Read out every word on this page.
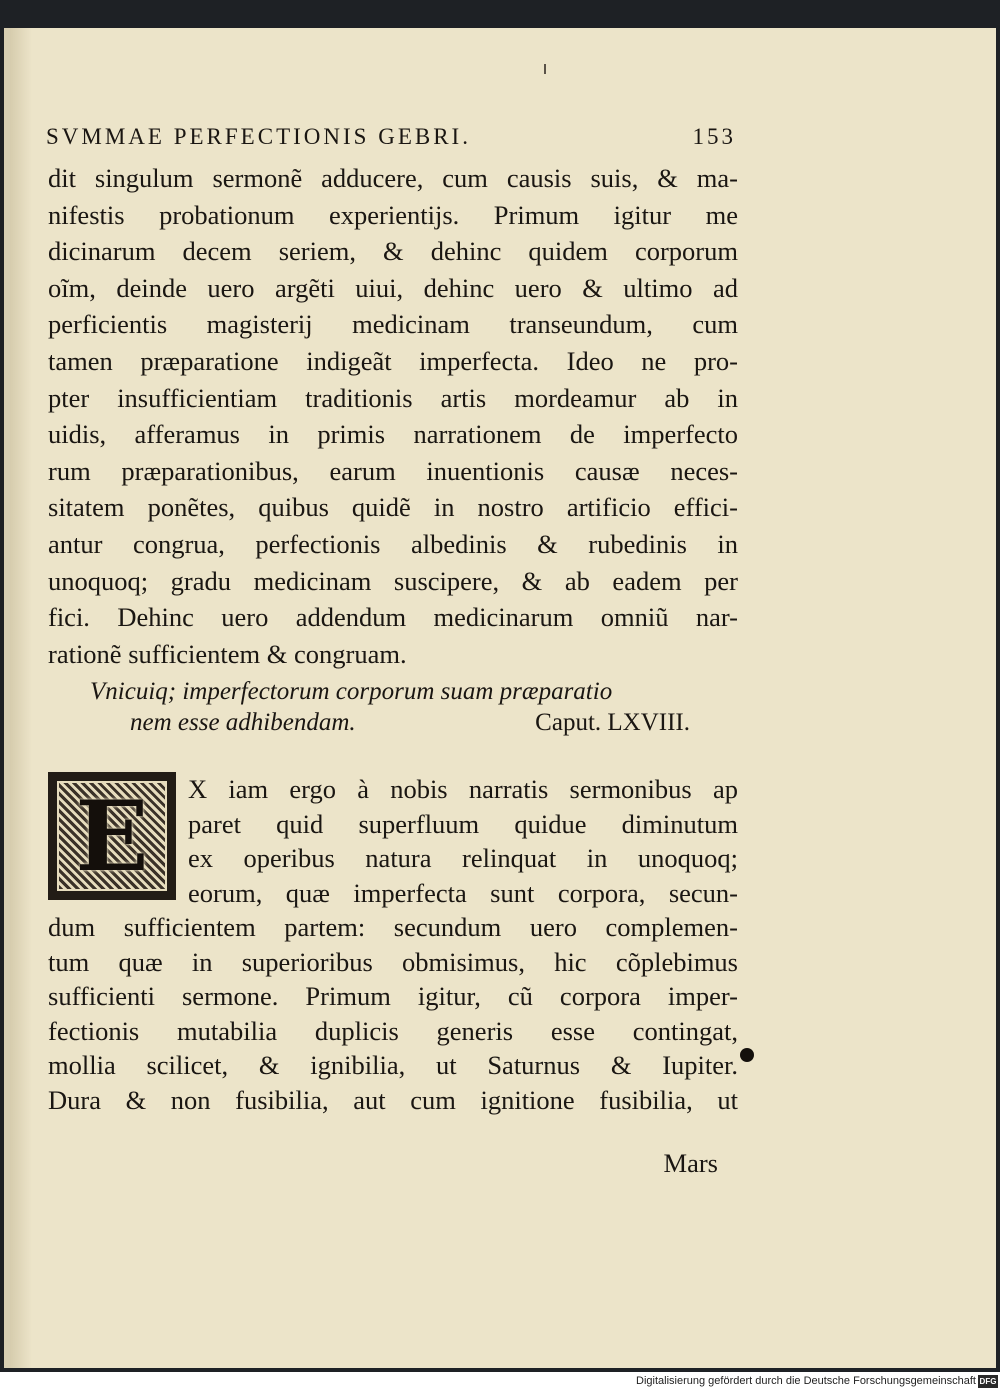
SVMMAE PERFECTIONIS GEBRI.	153
dit singulum sermonẽ adducere, cum causis suis, & ma-
nifestis probationum experientijs. Primum igitur me
dicinarum decem seriem, & dehinc quidem corporum
oĩm, deinde uero argẽti uiui, dehinc uero & ultimo ad
perficientis magisterij medicinam transeundum, cum
tamen præparatione indigeãt imperfecta. Ideo ne pro-
pter insufficientiam traditionis artis mordeamur ab in
uidis, afferamus in primis narrationem de imperfecto
rum præparationibus, earum inuentionis causæ neces-
sitatem ponẽtes, quibus quidẽ in nostro artificio effici-
antur congrua, perfectionis albedinis & rubedinis in
unoquoq; gradu medicinam suscipere, & ab eadem per
fici. Dehinc uero addendum medicinarum omniũ nar-
rationẽ sufficientem & congruam.
Vnicuiq; imperfectorum corporum suam præparatio
nem esse adhibendam.	Caput. LXVIII.
E	X iam ergo à nobis narratis sermonibus ap
paret quid superfluum quidue diminutum
ex operibus natura relinquat in unoquoq;
eorum, quæ imperfecta sunt corpora, secun-
dum sufficientem partem: secundum uero complemen-
tum quæ in superioribus obmisimus, hic cõplebimus
sufficienti sermone. Primum igitur, cũ corpora imper-
fectionis mutabilia duplicis generis esse contingat,
mollia scilicet, & ignibilia, ut Saturnus & Iupiter.
Dura & non fusibilia, aut cum ignitione fusibilia, ut
Mars
Digitalisierung gefördert durch die Deutsche Forschungsgemeinschaft DFG
